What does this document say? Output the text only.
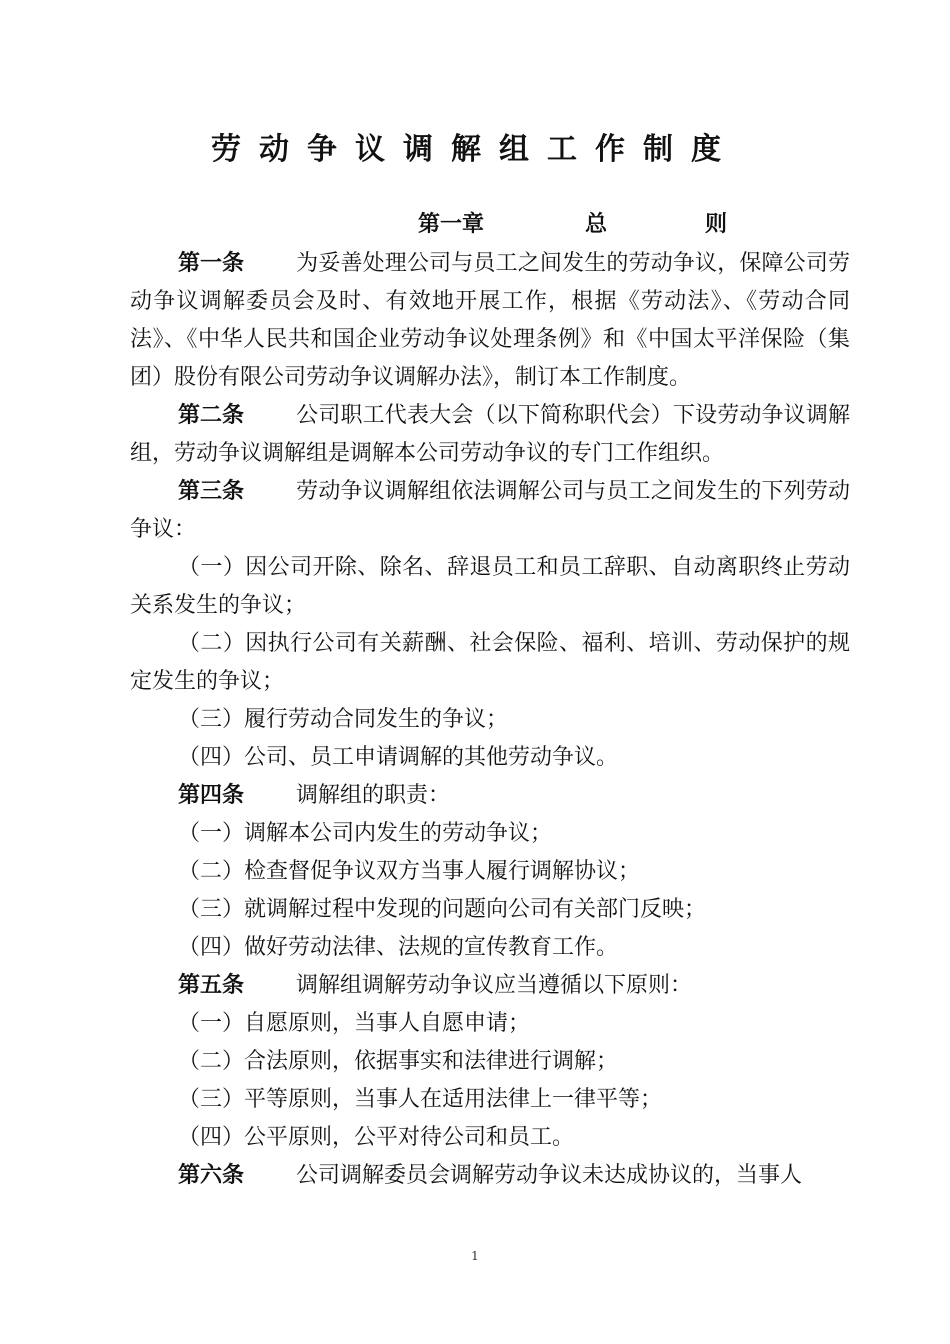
劳动争议调解组工作制度
第一章	总	则

第一条 为妥善处理公司与员工之间发生的劳动争议，保障公司劳动争议调解委员会及时、有效地开展工作，根据《劳动法》、《劳动合同法》、《中华人民共和国企业劳动争议处理条例》和《中国太平洋保险（集团）股份有限公司劳动争议调解办法》，制订本工作制度。

第二条 公司职工代表大会（以下简称职代会）下设劳动争议调解组，劳动争议调解组是调解本公司劳动争议的专门工作组织。

第三条 劳动争议调解组依法调解公司与员工之间发生的下列劳动争议：

（一）因公司开除、除名、辞退员工和员工辞职、自动离职终止劳动关系发生的争议；

（二）因执行公司有关薪酬、社会保险、福利、培训、劳动保护的规定发生的争议；

（三）履行劳动合同发生的争议；

（四）公司、员工申请调解的其他劳动争议。

第四条 调解组的职责：

（一）调解本公司内发生的劳动争议；

（二）检查督促争议双方当事人履行调解协议；

（三）就调解过程中发现的问题向公司有关部门反映；

（四）做好劳动法律、法规的宣传教育工作。

第五条 调解组调解劳动争议应当遵循以下原则：

（一）自愿原则，当事人自愿申请；

（二）合法原则，依据事实和法律进行调解；

（三）平等原则，当事人在适用法律上一律平等；

（四）公平原则，公平对待公司和员工。

第六条 公司调解委员会调解劳动争议未达成协议的，当事人

1
